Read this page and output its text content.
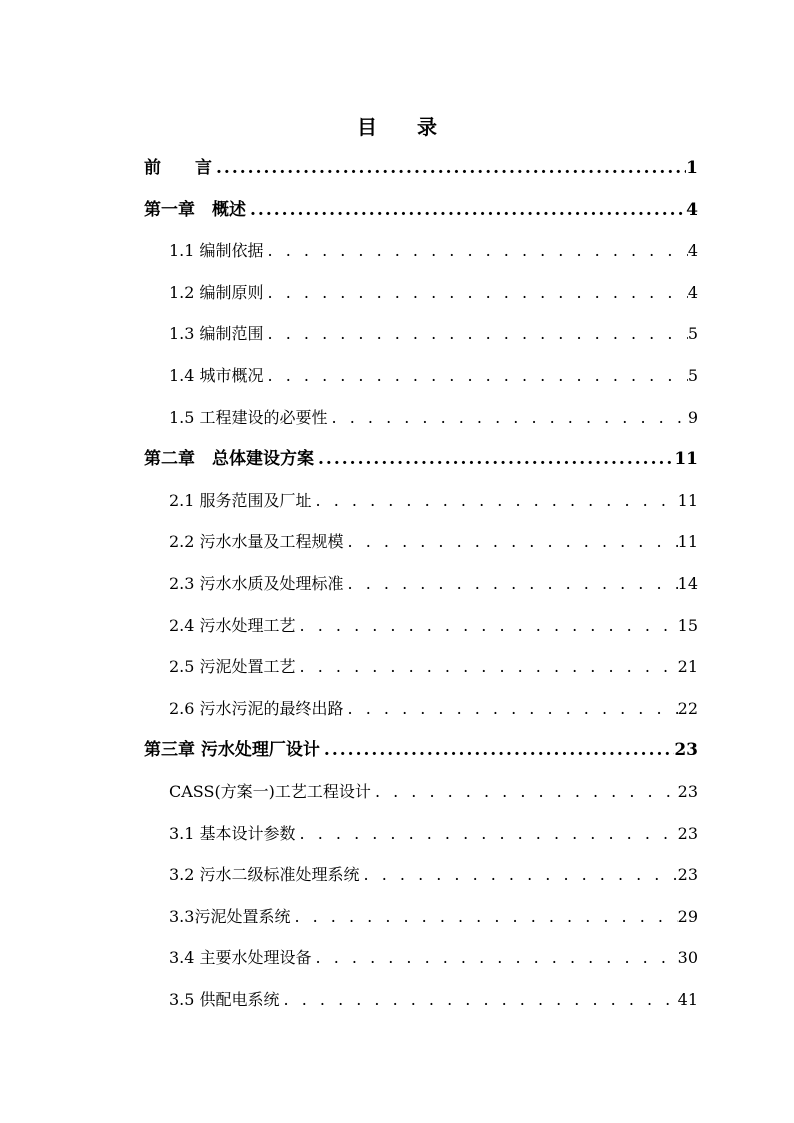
目　　录
前　　言 .....	1
第一章　概述 .....	4
1.1 编制依据 . . .	4
1.2 编制原则 . . .	4
1.3 编制范围 . . .	5
1.4 城市概况 . . .	5
1.5 工程建设的必要性 . . .	9
第二章　总体建设方案 .....	11
2.1 服务范围及厂址 . . .	11
2.2 污水水量及工程规模 . . .	11
2.3 污水水质及处理标准 . . .	14
2.4 污水处理工艺 . . .	15
2.5 污泥处置工艺 . . .	21
2.6 污水污泥的最终出路 . . .	22
第三章 污水处理厂设计 .....	23
CASS(方案一)工艺工程设计 . . .	23
3.1 基本设计参数 . . .	23
3.2 污水二级标准处理系统 . . .	23
3.3污泥处置系统 . . .	29
3.4 主要水处理设备 . . .	30
3.5 供配电系统 . . .	41
